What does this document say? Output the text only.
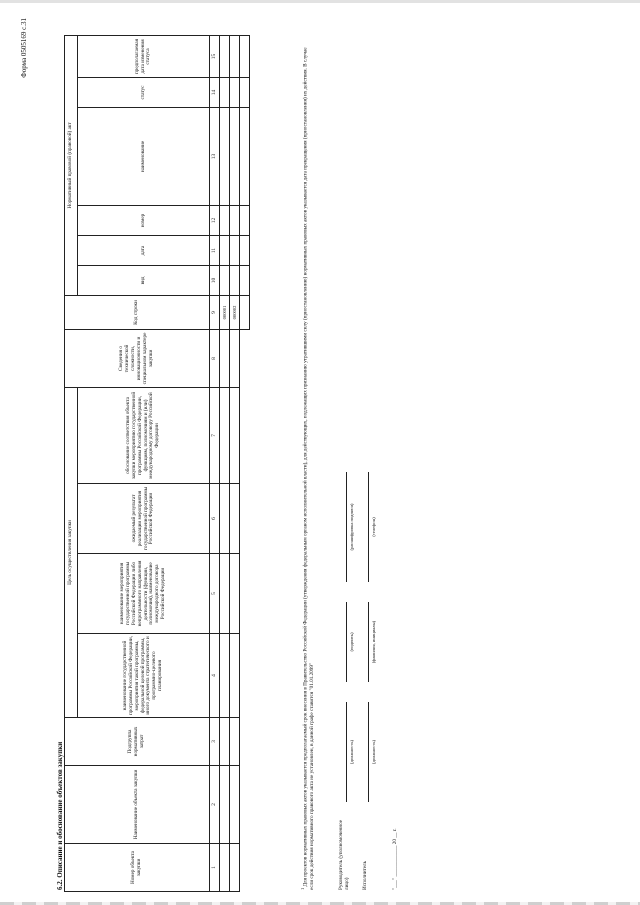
Форма 0505169 с.31
6.2. Описание и обоснование объектов закупки	Номер объекта закупки	Наименование объекта закупки	Подгруппа нормативных затрат	Цель осуществления закупки				Сведения о технической сложности, инновационности и специальном характере закупки	Код строки	Нормативный правовой (правовой) акт					
			наименование государственной программы Российской Федерации, мероприятия такой программы, федеральной целевой программы, иного документа стратегического и программно-целевого планирования	наименование мероприятия государственной программы Российской Федерации либо непрограммного направления деятельности (функции, полномочия), наименование международного договора Российской Федерации	ожидаемый результат реализации мероприятия государственной программы Российской Федерации	обоснование соответствия объекта закупки мероприятию государственной программы Российской Федерации, функциям, полномочиям и (или) международному договору Российской Федерации			вид	дата	номер	наименование	статус	предполагаемая дата изменения статуса
1	2	3	4	5	6	7	8	9	10	11	12	13	14	15
								000001						
								000002						

$^1$ Для проектов нормативных правовых актов указывается предполагаемый срок внесения в Правительство Российской Федерации (утверждения федеральным органом исполнительной власти), для действующих, подлежащих признанию утратившими силу (приостановлению) нормативных правовых актов указывается дата прекращения (приостановления) их действия. В случае если срок действия нормативного правового акта не установлен, в данной графе ставится "01.01.2099"	Руководитель (уполномоченное лицо)
(должность)
(подпись)
(расшифровка подписи)
Исполнитель
(должность)
(фамилия, инициалы)
(телефон)
"___" ____________ 20 __ г.
